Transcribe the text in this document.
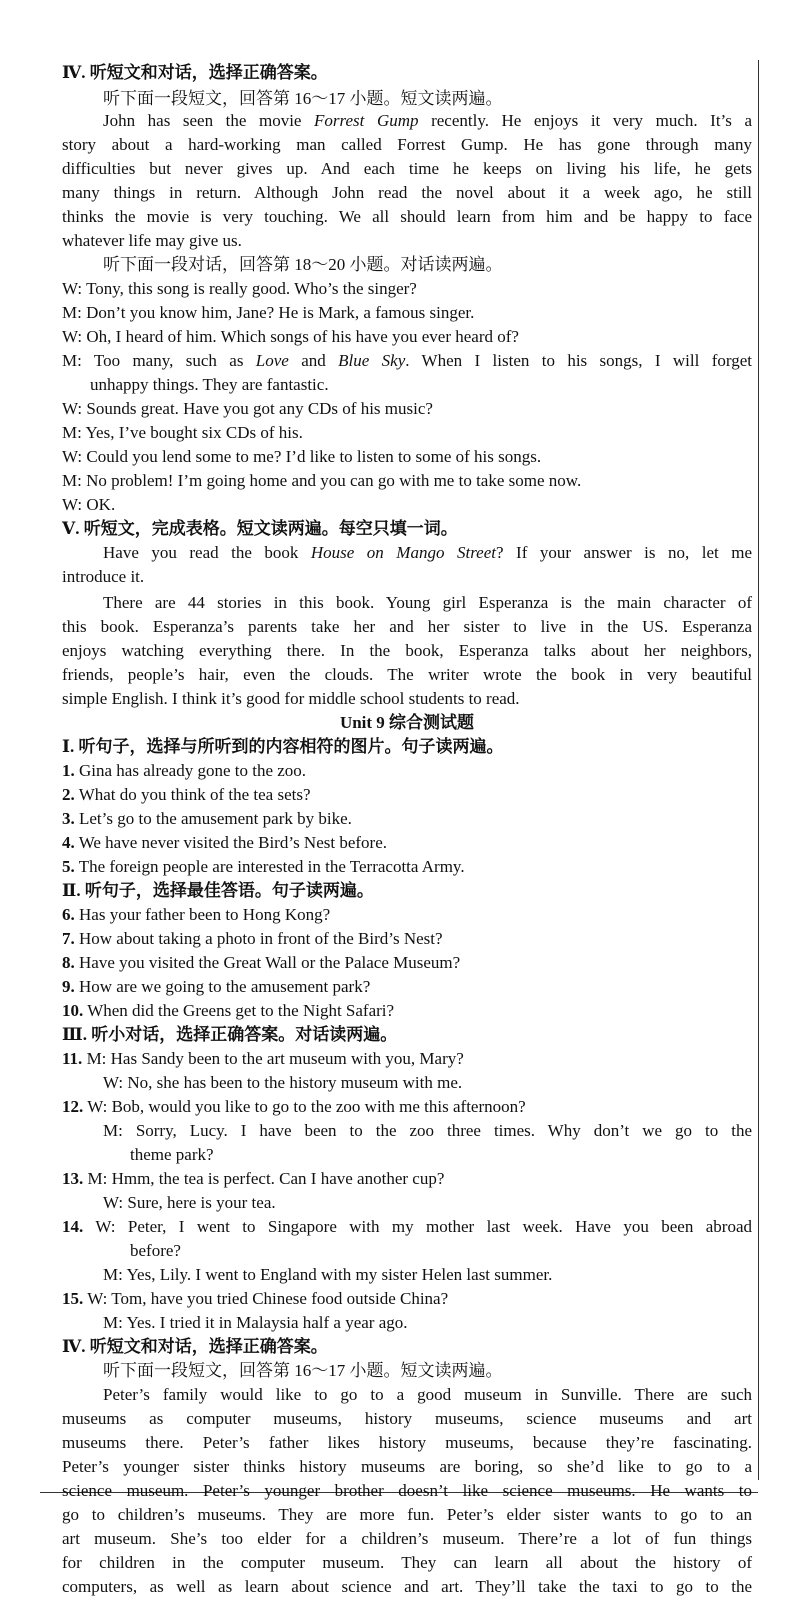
Ⅳ. 听短文和对话，选择正确答案。
听下面一段短文，回答第 16～17 小题。短文读两遍。
John has seen the movie Forrest Gump recently. He enjoys it very much. It’s a
story about a hard-working man called Forrest Gump. He has gone through many
difficulties but never gives up. And each time he keeps on living his life, he gets
many things in return. Although John read the novel about it a week ago, he still
thinks the movie is very touching. We all should learn from him and be happy to face
whatever life may give us.
听下面一段对话，回答第 18～20 小题。对话读两遍。
W: Tony, this song is really good. Who’s the singer?
M: Don’t you know him, Jane? He is Mark, a famous singer.
W: Oh, I heard of him. Which songs of his have you ever heard of?
M: Too many, such as Love and Blue Sky. When I listen to his songs, I will forget
unhappy things. They are fantastic.
W: Sounds great. Have you got any CDs of his music?
M: Yes, I’ve bought six CDs of his.
W: Could you lend some to me? I’d like to listen to some of his songs.
M: No problem! I’m going home and you can go with me to take some now.
W: OK.
Ⅴ. 听短文，完成表格。短文读两遍。每空只填一词。
Have you read the book House on Mango Street? If your answer is no, let me
introduce it.
There are 44 stories in this book. Young girl Esperanza is the main character of
this book. Esperanza’s parents take her and her sister to live in the US. Esperanza
enjoys watching everything there. In the book, Esperanza talks about her neighbors,
friends, people’s hair, even the clouds. The writer wrote the book in very beautiful
simple English. I think it’s good for middle school students to read.
Unit 9 综合测试题
Ⅰ. 听句子，选择与所听到的内容相符的图片。句子读两遍。
1. Gina has already gone to the zoo.
2. What do you think of the tea sets?
3. Let’s go to the amusement park by bike.
4. We have never visited the Bird’s Nest before.
5. The foreign people are interested in the Terracotta Army.
Ⅱ. 听句子，选择最佳答语。句子读两遍。
6. Has your father been to Hong Kong?
7. How about taking a photo in front of the Bird’s Nest?
8. Have you visited the Great Wall or the Palace Museum?
9. How are we going to the amusement park?
10. When did the Greens get to the Night Safari?
Ⅲ. 听小对话，选择正确答案。对话读两遍。
11. M: Has Sandy been to the art museum with you, Mary?
W: No, she has been to the history museum with me.
12. W: Bob, would you like to go to the zoo with me this afternoon?
M: Sorry, Lucy. I have been to the zoo three times. Why don’t we go to the
theme park?
13. M: Hmm, the tea is perfect. Can I have another cup?
W: Sure, here is your tea.
14. W: Peter, I went to Singapore with my mother last week. Have you been abroad
before?
M: Yes, Lily. I went to England with my sister Helen last summer.
15. W: Tom, have you tried Chinese food outside China?
M: Yes. I tried it in Malaysia half a year ago.
Ⅳ. 听短文和对话，选择正确答案。
听下面一段短文，回答第 16～17 小题。短文读两遍。
Peter’s family would like to go to a good museum in Sunville. There are such
museums as computer museums, history museums, science museums and art
museums there. Peter’s father likes history museums, because they’re fascinating.
Peter’s younger sister thinks history museums are boring, so she’d like to go to a
science museum. Peter’s younger brother doesn’t like science museums. He wants to
go to children’s museums. They are more fun. Peter’s elder sister wants to go to an
art museum. She’s too elder for a children’s museum. There’re a lot of fun things
for children in the computer museum. They can learn all about the history of
computers, as well as learn about science and art. They’ll take the taxi to go to the
